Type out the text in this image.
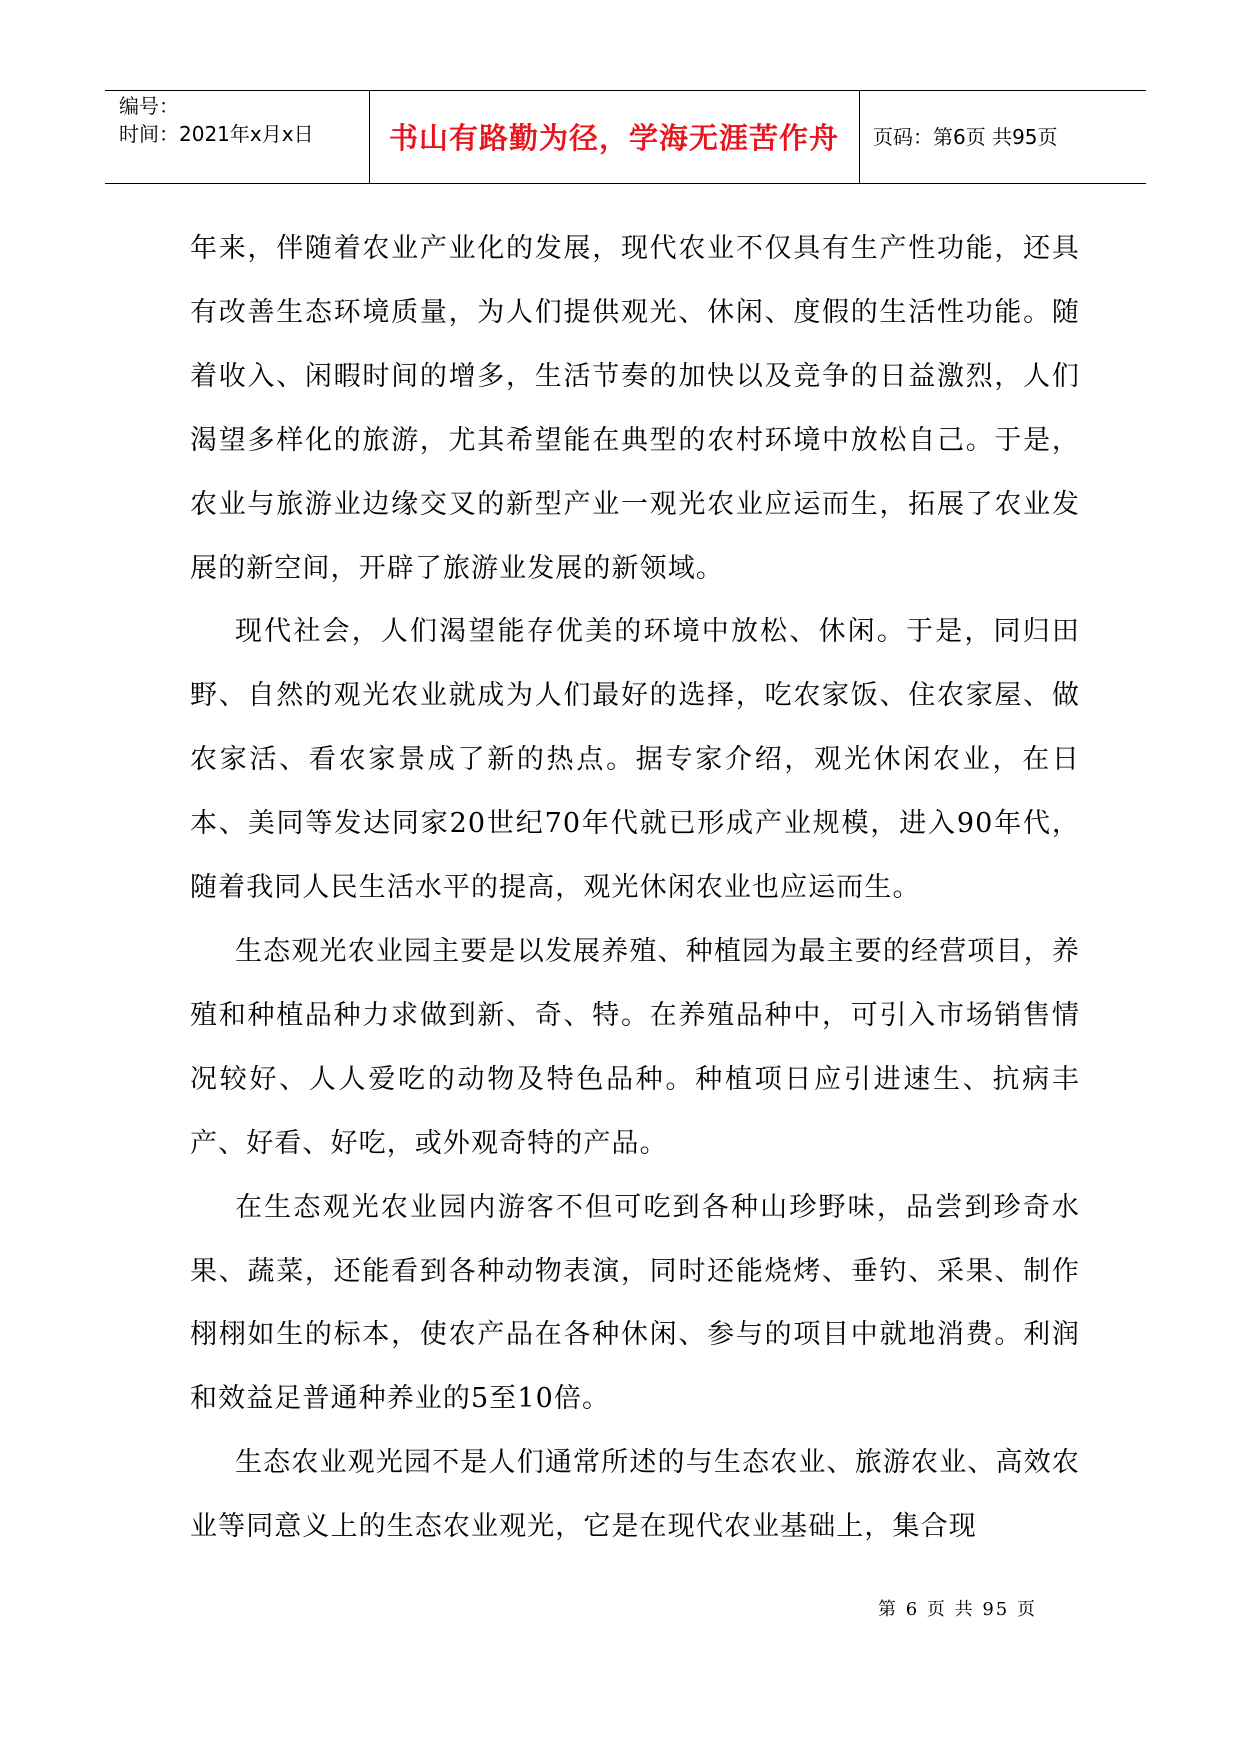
编号：
时间：2021年x月x日	书山有路勤为径，学海无涯苦作舟	页码：第6页 共95页

年来，伴随着农业产业化的发展，现代农业不仅具有生产性功能，还具有改善生态环境质量，为人们提供观光、休闲、度假的生活性功能。随着收入、闲暇时间的增多，生活节奏的加快以及竞争的日益激烈，人们渴望多样化的旅游，尤其希望能在典型的农村环境中放松自己。于是，农业与旅游业边缘交叉的新型产业一观光农业应运而生，拓展了农业发展的新空间，开辟了旅游业发展的新领域。

现代社会，人们渴望能存优美的环境中放松、休闲。于是，同归田野、自然的观光农业就成为人们最好的选择，吃农家饭、住农家屋、做农家活、看农家景成了新的热点。据专家介绍，观光休闲农业，在日本、美同等发达同家20世纪70年代就已形成产业规模，进入90年代，随着我同人民生活水平的提高，观光休闲农业也应运而生。

生态观光农业园主要是以发展养殖、种植园为最主要的经营项目，养殖和种植品种力求做到新、奇、特。在养殖品种中，可引入市场销售情况较好、人人爱吃的动物及特色品种。种植项日应引进速生、抗病丰产、好看、好吃，或外观奇特的产品。

在生态观光农业园内游客不但可吃到各种山珍野味，品尝到珍奇水果、蔬菜，还能看到各种动物表演，同时还能烧烤、垂钓、采果、制作栩栩如生的标本，使农产品在各种休闲、参与的项目中就地消费。利润和效益足普通种养业的5至10倍。

生态农业观光园不是人们通常所述的与生态农业、旅游农业、高效农业等同意义上的生态农业观光，它是在现代农业基础上，集合现

第 6 页 共 95 页
